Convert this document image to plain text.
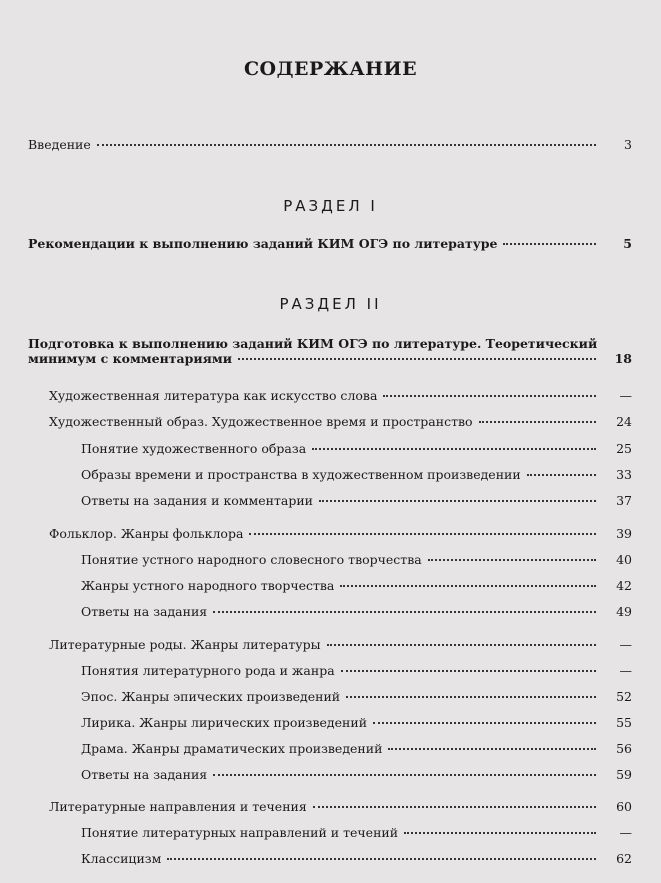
СОДЕРЖАНИЕ
Введение	3
РАЗДЕЛ I
Рекомендации к выполнению заданий КИМ ОГЭ по литературе	5
РАЗДЕЛ II
Подготовка к выполнению заданий КИМ ОГЭ по литературе. Теоретический
минимум с комментариями	18
Художественная литература как искусство слова	—
Художественный образ. Художественное время и пространство	24
Понятие художественного образа	25
Образы времени и пространства в художественном произведении	33
Ответы на задания и комментарии	37
Фольклор. Жанры фольклора	39
Понятие устного народного словесного творчества	40
Жанры устного народного творчества	42
Ответы на задания	49
Литературные роды. Жанры литературы	—
Понятия литературного рода и жанра	—
Эпос. Жанры эпических произведений	52
Лирика. Жанры лирических произведений	55
Драма. Жанры драматических произведений	56
Ответы на задания	59
Литературные направления и течения	60
Понятие литературных направлений и течений	—
Классицизм	62
